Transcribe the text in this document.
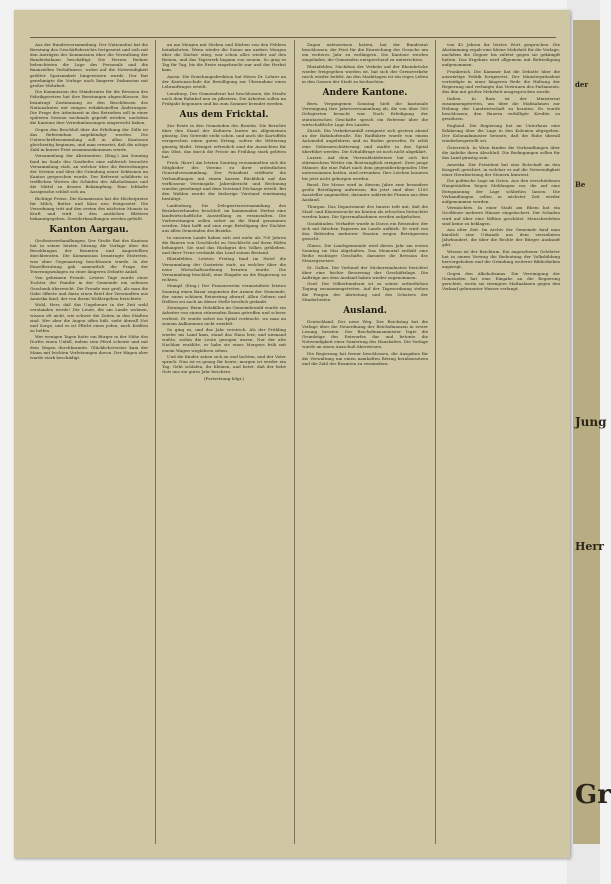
der
Be
Jung
Herr
Gr

Aus der Bundesversammlung. Der Nationalrat hat die Beratung des Geschäftsberichts fortgesetzt und sich mit den Anträgen der Kommission über die Verwaltung der Bundesbahnen beschäftigt. Die Herren Redner beleuchteten die Lage des Personals und die finanziellen Verhältnisse, wobei auf die Notwendigkeit größter Sparsamkeit hingewiesen wurde. Der Rat genehmigte die Vorlage nach längerer Diskussion mit großer Mehrheit.

Die Kommission des Ständerates für die Revision des Fabrikgesetzes hat ihre Beratungen abgeschlossen. Sie beantragt Zustimmung zu den Beschlüssen des Nationalrates mit einigen redaktionellen Änderungen. Die Frage der Arbeitszeit in den Betrieben soll in einer späteren Session nochmals geprüft werden, nachdem die Kantone ihre Vernehmlassungen eingereicht haben.

Gegen den Beschluß über die Erhöhung der Zölle ist das Referendum angekündigt worden. Die Unterschriftensammlung soll in allen Kantonen gleichzeitig beginnen, und man erwartet, daß die nötige Zahl in kurzer Frist zusammenkommen werde.

Versammlung der Abstinenten. (Eing.) Am Sonntag fand im Saale des Gasthofes eine zahlreich besuchte Versammlung statt, an welcher über die Bestrebungen der Vereine und über die Gründung neuer Sektionen im Kanton gesprochen wurde. Der Referent schilderte in trefflichen Worten die Schäden des Alkoholismus und die Mittel zu dessen Bekämpfung. Eine lebhafte Aussprache schloß sich an.

Richtige Preise. Die Kommission hat die Höchstpreise für Milch, Butter und Käse neu festgesetzt. Die Verordnung tritt auf den ersten des nächsten Monats in Kraft und wird in den amtlichen Blättern bekanntgegeben. Zuwiderhandlungen werden gebüßt.

Kanton Aargau.

Großratsverhandlungen. Der Große Rat des Kantons hat in seiner letzten Sitzung die Vorlage über die Besoldungen der Beamten und Angestellten durchberaten. Die Kommission beantragte Eintreten, was ohne Gegenantrag beschlossen wurde. In der Einzelberatung gab namentlich die Frage der Teuerungszulagen zu einer längeren Debatte Anlaß.

Von geheimen Freude. Letzter Tage wurde einer Tochter der Familie in der Gemeinde ein seltenes Geschenk überreicht. Die Freude war groß, als man die Gabe öffnete und darin einen Brief der Verwandten aus Amerika fand, der von ihrem Wohlergehen berichtete.

Wohl, Herr, daß das Ungeheure in der Zeit wohl verstanden werde! Die Leute, die am Lande wohnen, wissen oft nicht, wie schwer die Zeiten in den Städten sind. Wer aber die Augen offen hält, sieht überall Not und Sorge, und es ist Pflicht eines jeden, nach Kräften zu helfen.

Wer wenigen Tagen hatte ein Bürger in der Nähe des Dorfes einen Unfall, indem sein Pferd scheute und mit dem Wagen durchbrannte. Glücklicherweise kam der Mann mit leichten Verletzungen davon. Der Wagen aber wurde stark beschädigt.

an am Morgen mit Säcken und Körben von den Feldern heimkehrten. Wenn wieder die Sonne am andern Morgen über die Dächer stieg, war schon alles wieder auf den Beinen, und das Tagewerk begann von neuem. So ging es Tag für Tag, bis die Ernte eingebracht war und der Herbst kam.

Aarau. Die Erziehungsdirektion hat Herrn Dr. Lehrer an der Kantonsschule die Bewilligung zur Übernahme eines Lehrauftrages erteilt.

Lenzburg. Der Gemeinderat hat beschlossen, die Straße nach dem Bahnhof neu zu pflastern. Die Arbeiten sollen im Frühjahr begonnen und bis zum Sommer beendet werden.

Aus dem Fricktal.

Zur Ernte in den Gemeinden des Bezirks. Die Berichte über den Stand der Kulturen lauten im allgemeinen günstig. Das Getreide steht schön, und auch die Kartoffeln versprechen einen guten Ertrag, sofern die Witterung günstig bleibt. Weniger erfreulich sind die Aussichten für das Obst, das durch die Fröste im Frühling stark gelitten hat.

Frick. (Korr.) Am letzten Sonntag versammelten sich die Mitglieder des Vereins zu ihrer ordentlichen Generalversammlung. Der Präsident eröffnete die Verhandlungen mit einem kurzen Rückblick auf das verflossene Vereinsjahr. Jahresbericht und Rechnung wurden genehmigt und dem Vorstand Décharge erteilt. Bei den Wahlen wurde der bisherige Vorstand einstimmig bestätigt.

Laufenburg. Die Delegiertenversammlung des Bezirksverbandes beschloß, im kommenden Herbst eine landwirtschaftliche Ausstellung zu veranstalten. Die Vorbereitungen sollen sofort an die Hand genommen werden. Man hofft auf eine rege Beteiligung der Züchter aus allen Gemeinden des Bezirks.

In unserem Lande haben sich seit mehr als 700 Jahren die Bauern von Geschlecht zu Geschlecht auf ihren Höfen behauptet. Sie sind das Rückgrat des Volkes geblieben, und ihrer Treue verdankt das Land seinen Bestand.

Rheinfelden. Letzten Freitag fand im Hotel die Versammlung der Gastwirte statt, an welcher über die neue Wirtschaftsordnung beraten wurde. Die Versammlung beschloß, eine Eingabe an die Regierung zu richten.

Mumpf. (Eing.) Der Frauenverein veranstaltete letzten Sonntag einen Bazar zugunsten der Armen der Gemeinde, der einen schönen Reinertrag abwarf. Allen Gebern und Helfern sei auch an dieser Stelle herzlich gedankt.

Zeiningen. Beim Holzfällen im Gemeindewald wurde ein Arbeiter von einem stürzenden Baum getroffen und schwer verletzt. Er wurde sofort ins Spital verbracht, wo man an seinem Aufkommen nicht zweifelt.

So ging es, und das Jahr verstrich. Als der Frühling wieder ins Land kam, stand das Haus leer, und niemand wußte, wohin die Leute gezogen waren. Nur der alte Nachbar erzählte, er habe sie eines Morgens früh mit einem Wagen wegfahren sehen.

Und die Kinder sahen sich an und lachten, und der Vater sprach: Nun ist es genug für heute; morgen ist wieder ein Tag. Geht schlafen, ihr Kleinen, und betet, daß der liebe Gott uns ein gutes Jahr beschere.

(Fortsetzung folgt.)

Zugen aufzuweisen hatten, hat der Bundesrat beschlossen, die Frist für die Einreichung der Gesuche um ein weiteres Jahr zu verlängern. Die Kantone werden eingeladen, die Gemeinden entsprechend zu unterrichten.

Rheinfelden. Nachdem der Verkehr auf der Rheinbrücke wieder freigegeben worden ist, hat sich der Grenzverkehr rasch wieder belebt. An den Markttagen ist ein reges Leben in den Gassen der Stadt zu beobachten.

Andere Kantone.

Bern. Vergangenen Sonntag hielt die kantonale Vereinigung ihre Jahresversammlung ab, die von über 300 Delegierten besucht war. Nach Erledigung der statutarischen Geschäfte sprach ein Referent über die wirtschaftliche Lage des Landes.

Zürich. Ein Verkehrsunfall ereignete sich gestern abend an der Bahnhofstraße. Ein Radfahrer wurde von einem Automobil angefahren und zu Boden geworfen. Er erlitt eine Gehirnerschütterung und mußte in das Spital überführt werden. Die Schuldfrage ist noch nicht abgeklärt.

Luzern. Auf dem Vierwaldstättersee hat sich bei stürmischem Wetter ein Bootsunglück ereignet. Zwei junge Männer, die eine Fahrt nach dem gegenüberliegenden Ufer unternommen hatten, sind ertrunken. Ihre Leichen konnten bis jetzt nicht geborgen werden.

Basel. Die Messe wird in diesem Jahre eine besonders große Beteiligung aufweisen. Bis jetzt sind über 1100 Aussteller angemeldet, darunter zahlreiche Firmen aus dem Ausland.

Thurgau. Das Departement des Innern teilt mit, daß die Maul- und Klauenseuche im Kanton als erloschen betrachtet werden kann. Die Sperrmaßnahmen werden aufgehoben.

Graubünden. Verhaftet wurde in Davos ein Reisender, der sich mit falschen Papieren im Lande aufhielt. Er wird von den Behörden mehrerer Staaten wegen Betrügereien gesucht.

Glarus. Die Landsgemeinde wird dieses Jahr am ersten Sonntag im Mai abgehalten. Das Memorial enthält eine Reihe wichtiger Geschäfte, darunter die Revision des Steuergesetzes.

St. Gallen. Der Verband der Stickereiindustrie berichtet über eine leichte Besserung der Geschäftslage. Die Aufträge aus dem Ausland haben wieder zugenommen.

Genf. Der Völkerbundsrat ist zu seiner ordentlichen Tagung zusammengetreten. Auf der Tagesordnung stehen die Fragen der Abrüstung und des Schutzes der Minderheiten.

Ausland.

Deutschland. Der neue Weg. Der Reichstag hat die Vorlage über die Neuordnung der Reichsfinanzen in erster Lesung beraten. Der Reichsfinanzminister legte die Grundzüge des Entwurfes dar und betonte die Notwendigkeit einer Sanierung des Haushaltes. Die Vorlage wurde an einen Ausschuß überwiesen.

Die Regierung hat ferner beschlossen, die Ausgaben für die Verwaltung um einen namhaften Betrag herabzusetzen und die Zahl der Beamten zu vermindern.

von 43 Jahren ihr letztes Wort gesprochen. Die Abstimmung ergab eine kleine Mehrheit für die Vorlage, nachdem die Gegner bis zuletzt gegen sie gekämpft hatten. Das Ergebnis wird allgemein mit Befriedigung aufgenommen.

Frankreich. Die Kammer hat die Debatte über die auswärtige Politik fortgesetzt. Der Ministerpräsident verteidigte in einer längeren Rede die Haltung der Regierung und verlangte das Vertrauen des Parlaments, das ihm mit großer Mehrheit ausgesprochen wurde.

Italien. In Rom ist der Ministerrat zusammengetreten, um über die Maßnahmen zur Hebung der Landwirtschaft zu beraten. Es wurde beschlossen, den Bauern verbilligte Kredite zu gewähren.

England. Die Regierung hat im Unterhaus eine Erklärung über die Lage in den Kolonien abgegeben. Der Kolonialminister betonte, daß die Ruhe überall wiederhergestellt sei.

Österreich. In Wien fanden die Verhandlungen über die Anleihe ihren Abschluß. Die Bedingungen sollen für das Land günstig sein.

Amerika. Der Präsident hat eine Botschaft an den Kongreß gerichtet, in welcher er auf die Notwendigkeit einer Herabsetzung der Steuern hinweist.

Die politische Lage im Osten. Aus den verschiedenen Hauptstädten liegen Meldungen vor, die auf eine Entspannung der Lage schließen lassen. Die Verhandlungen sollen in nächster Zeit wieder aufgenommen werden.

Vermischtes. In einer Stadt am Rhein hat ein Großfeuer mehrere Häuser eingeäschert. Der Schaden wird auf über eine Million geschätzt. Menschenleben sind keine zu beklagen.

Aus alter Zeit. Im Archiv der Gemeinde fand man kürzlich eine Urkunde aus dem vierzehnten Jahrhundert, die über die Rechte der Bürger Auskunft gibt.

Wissen ist der Reichtum. Ein angesehener Gelehrter hat in einem Vortrag die Bedeutung der Volksbildung hervorgehoben und die Gründung weiterer Bibliotheken angeregt.

Gegen den Alkoholismus. Die Vereinigung der Gemeinden hat eine Eingabe an die Regierung gerichtet, worin sie strengere Maßnahmen gegen den Verkauf gebrannter Wasser verlangt.
